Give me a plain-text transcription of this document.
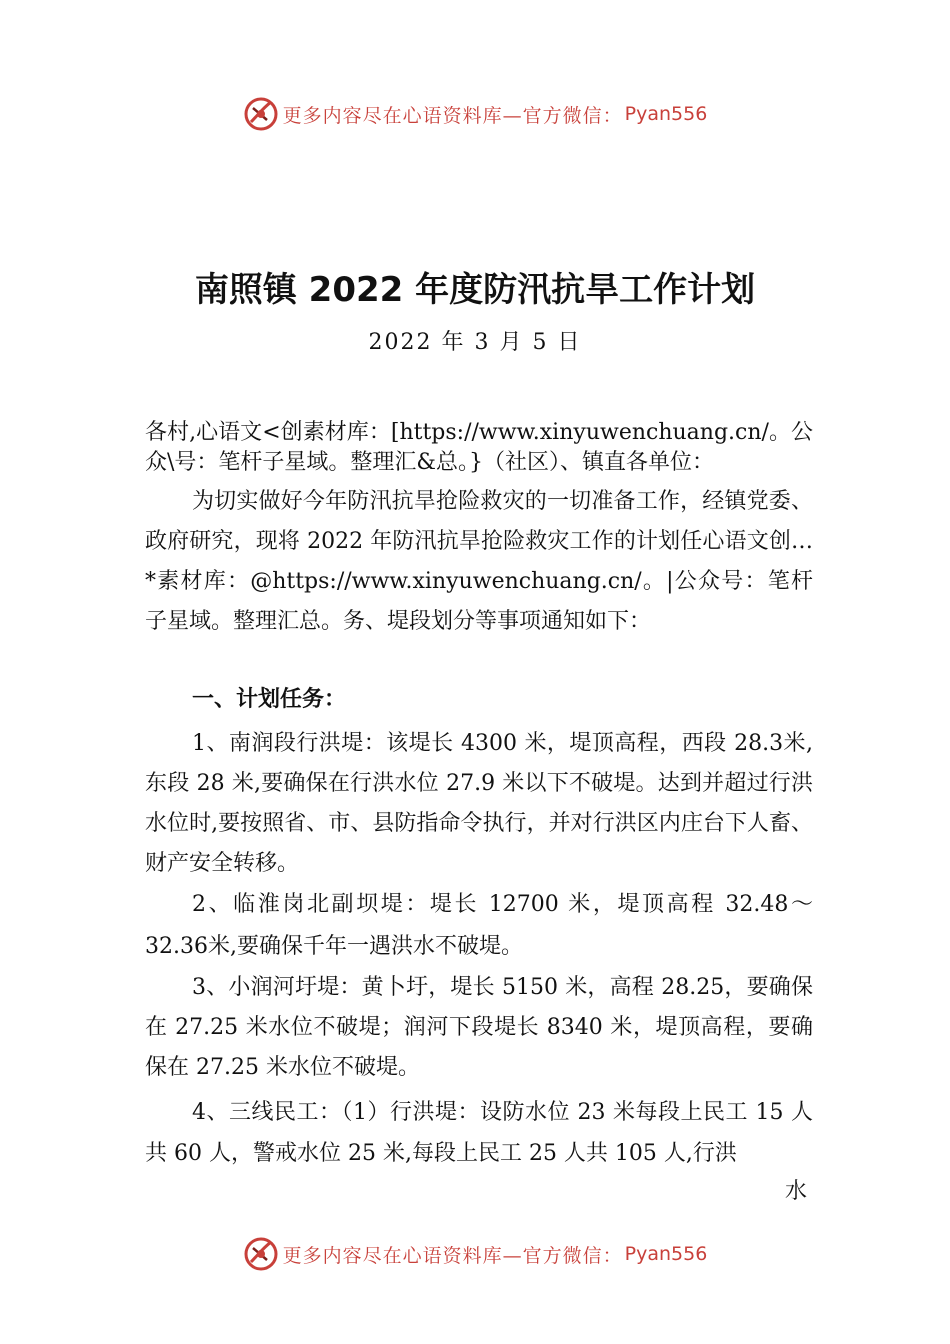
更多内容尽在心语资料库—官方微信： Pyan556
南照镇 2022 年度防汛抗旱工作计划
2022 年 3 月 5 日

各村,心语文<创素材库：[https://www.xinyuwenchuang.cn/。公众\号：笔杆子星域。整理汇&总。}（社区）、镇直各单位：

为切实做好今年防汛抗旱抢险救灾的一切准备工作，经镇党委、政府研究，现将 2022 年防汛抗旱抢险救灾工作的计划任心语文创…*素材库：@https://www.xinyuwenchuang.cn/。|公众号：笔杆子星域。整理汇总。务、堤段划分等事项通知如下：

一、计划任务：

1、南润段行洪堤：该堤长 4300 米，堤顶高程，西段 28.3米,东段 28 米,要确保在行洪水位 27.9 米以下不破堤。达到并超过行洪水位时,要按照省、市、县防指命令执行，并对行洪区内庄台下人畜、财产安全转移。

2、临淮岗北副坝堤：堤长 12700 米，堤顶高程 32.48～32.36米,要确保千年一遇洪水不破堤。

3、小润河圩堤：黄卜圩，堤长 5150 米，高程 28.25，要确保在 27.25 米水位不破堤；润河下段堤长 8340 米，堤顶高程，要确保在 27.25 米水位不破堤。

4、三线民工：（1）行洪堤：设防水位 23 米每段上民工 15 人共 60 人，警戒水位 25 米,每段上民工 25 人共 105 人,行洪

水

更多内容尽在心语资料库—官方微信： Pyan556
